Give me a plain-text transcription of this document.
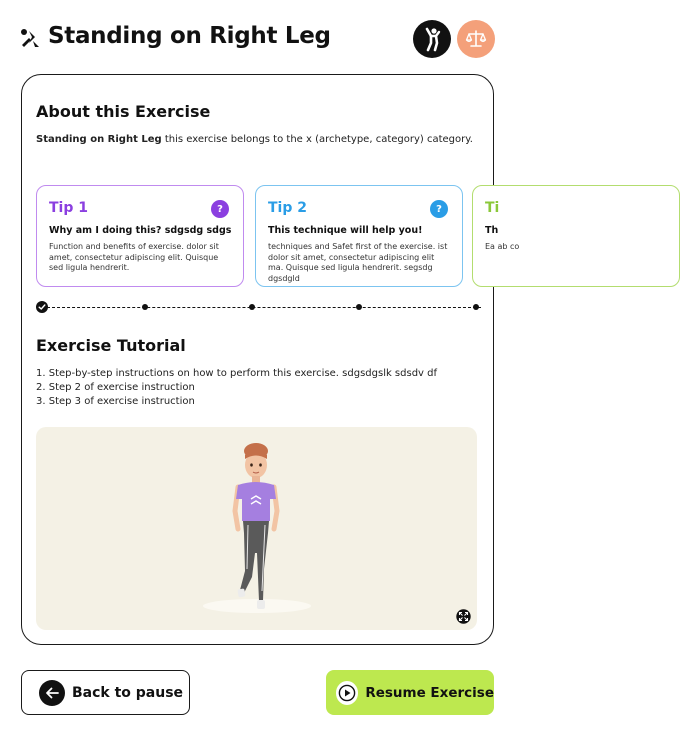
Standing on Right Leg
About this Exercise
Standing on Right Leg this exercise belongs to the x (archetype, category) category.
Tip 1	?
Why am I doing this? sdgsdg sdgs
Function and benefits of exercise. dolor sit amet, consectetur adipiscing elit. Quisque sed ligula hendrerit.
Tip 2	?
This technique will help you!
techniques and Safet first of the exercise. ist dolor sit amet, consectetur adipiscing elit ma. Quisque sed ligula hendrerit. segsdg dgsdgld
Ti
Th
Ea ab co
Exercise Tutorial
1. Step-by-step instructions on how to perform this exercise. sdgsdgslk sdsdv df
2. Step 2 of exercise instruction
3. Step 3 of exercise instruction
Back to pause	Resume Exercise
